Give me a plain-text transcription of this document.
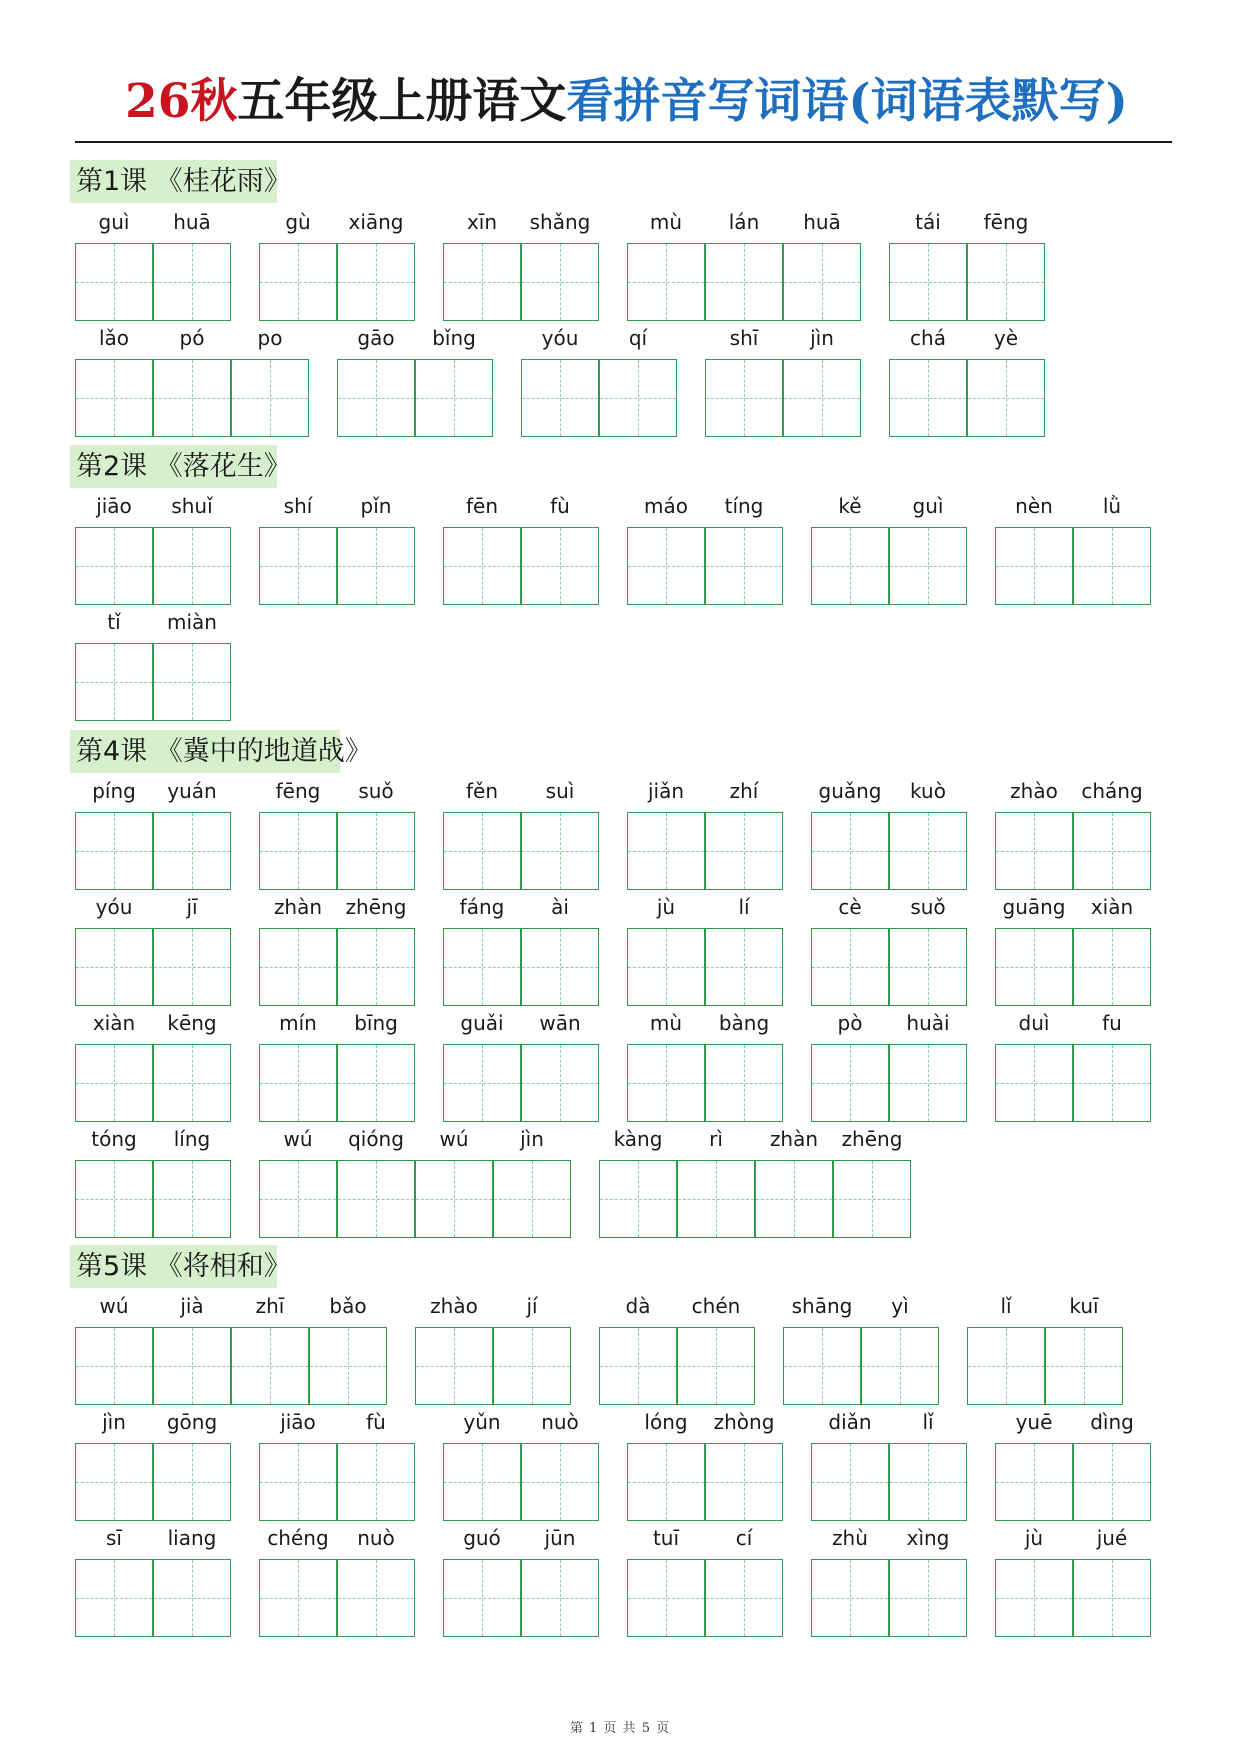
26秋五年级上册语文看拼音写词语(词语表默写)
第1课 《桂花雨》
guì	huā	gù	xiāng	xīn	shǎng	mù	lán	huā	tái	fēng
lǎo	pó	po	gāo	bǐng	yóu	qí	shī	jìn	chá	yè
第2课 《落花生》
jiāo	shuǐ	shí	pǐn	fēn	fù	máo	tíng	kě	guì	nèn	lǜ
tǐ	miàn
第4课 《冀中的地道战》
píng	yuán	fēng	suǒ	fěn	suì	jiǎn	zhí	guǎng	kuò	zhào	cháng
yóu	jī	zhàn	zhēng	fáng	ài	jù	lí	cè	suǒ	guāng	xiàn
xiàn	kēng	mín	bīng	guǎi	wān	mù	bàng	pò	huài	duì	fu
tóng	líng	wú	qióng	wú	jìn	kàng	rì	zhàn	zhēng
第5课 《将相和》
wú	jià	zhī	bǎo	zhào	jí	dà	chén	shāng	yì	lǐ	kuī
jìn	gōng	jiāo	fù	yǔn	nuò	lóng	zhòng	diǎn	lǐ	yuē	dìng
sī	liang	chéng	nuò	guó	jūn	tuī	cí	zhù	xìng	jù	jué
第 1 页 共 5 页
